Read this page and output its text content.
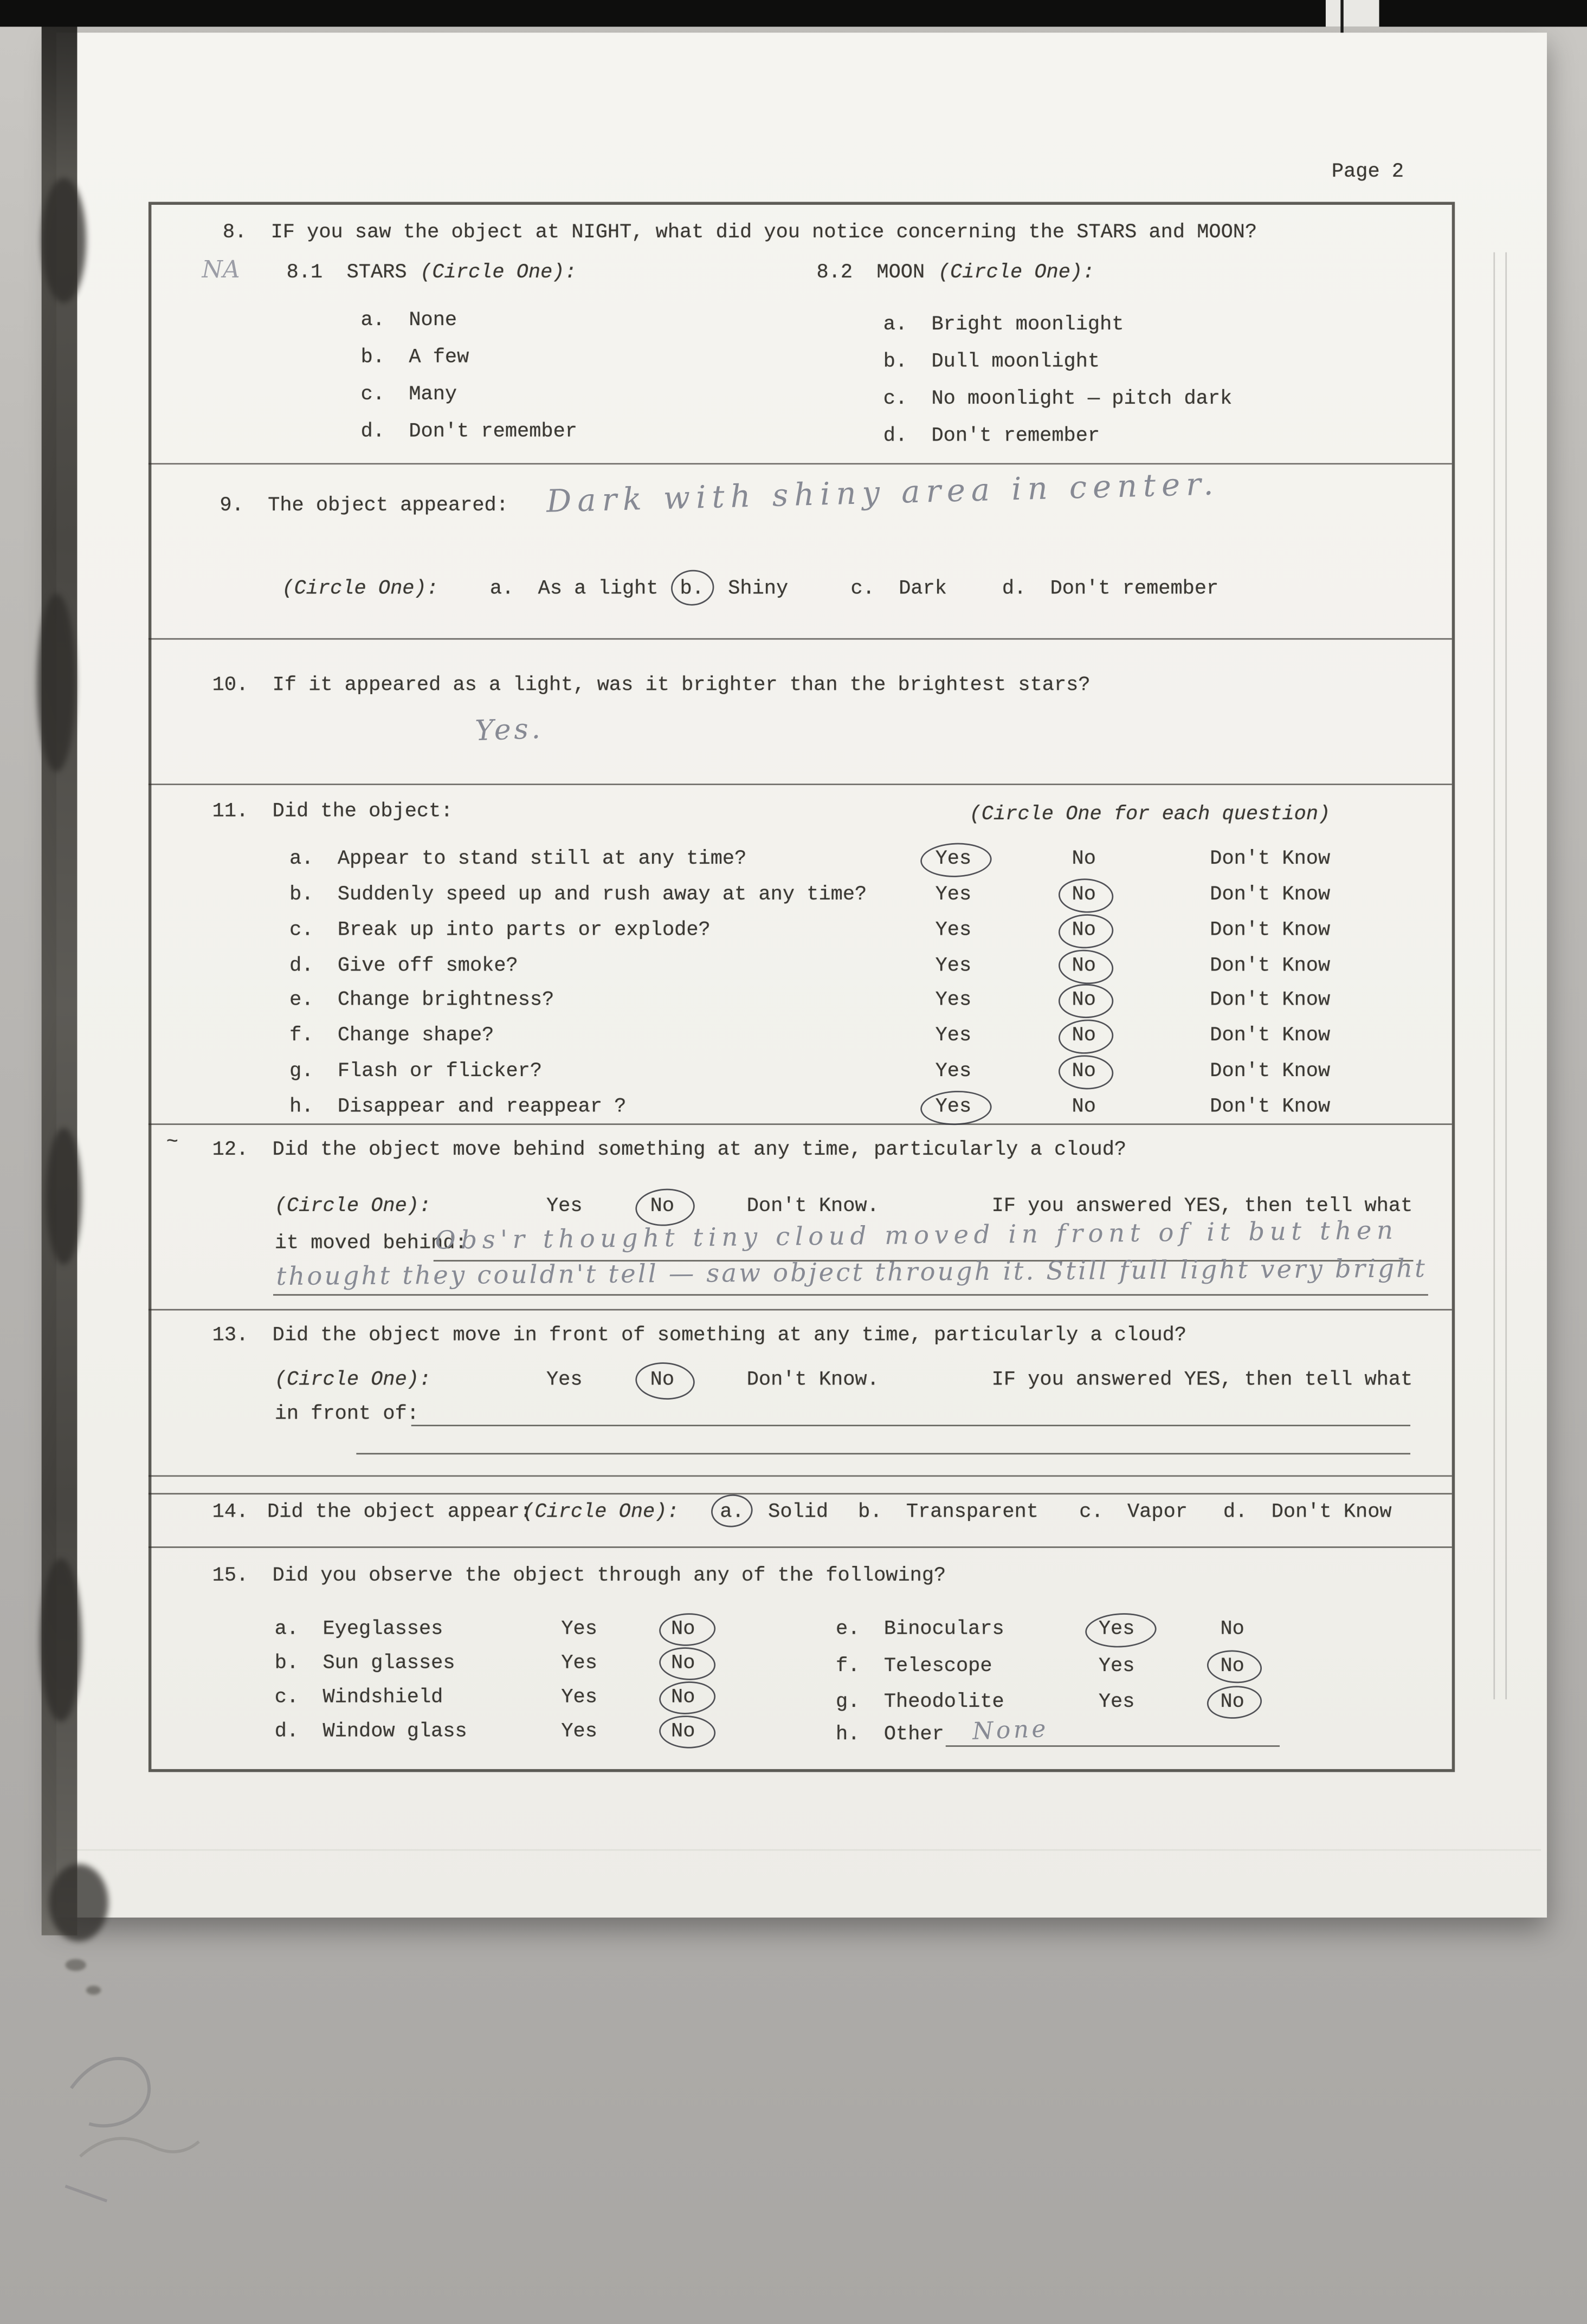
Page 2
8.  IF you saw the object at NIGHT, what did you notice concerning the STARS and MOON?
NA	8.1  STARS (Circle One):	8.2  MOON (Circle One):
a.  None
b.  A few
c.  Many
d.  Don't remember
a.  Bright moonlight
b.  Dull moonlight
c.  No moonlight — pitch dark
d.  Don't remember
9.  The object appeared:	Dark with shiny area in center.
(Circle One):	a.  As a light	b.  Shiny	c.  Dark	d.  Don't remember
10.  If it appeared as a light, was it brighter than the brightest stars?
Yes.
11.  Did the object:	(Circle One for each question)
a.  Appear to stand still at any time?	Yes	No	Don't Know
b.  Suddenly speed up and rush away at any time?	Yes	No	Don't Know
c.  Break up into parts or explode?	Yes	No	Don't Know
d.  Give off smoke?	Yes	No	Don't Know
e.  Change brightness?	Yes	No	Don't Know
f.  Change shape?	Yes	No	Don't Know
g.  Flash or flicker?	Yes	No	Don't Know
h.  Disappear and reappear ?	Yes	No	Don't Know
~	12.  Did the object move behind something at any time, particularly a cloud?
(Circle One):	Yes	No	Don't Know.	IF you answered YES, then tell what
it moved behind:
Obs'r thought tiny cloud moved in front of it but then
thought they couldn't tell — saw object through it. Still full light very bright
13.  Did the object move in front of something at any time, particularly a cloud?
(Circle One):	Yes	No	Don't Know.	IF you answered YES, then tell what
in front of:
14.	Did the object appear:
(Circle One):	a.  Solid	b.  Transparent	c.  Vapor	d.  Don't Know
15.  Did you observe the object through any of the following?
a.  Eyeglasses	Yes	No
b.  Sun glasses	Yes	No
c.  Windshield	Yes	No
d.  Window glass	Yes	No
e.  Binoculars	Yes	No
f.  Telescope	Yes	No
g.  Theodolite	Yes	No
h.  Other	None
